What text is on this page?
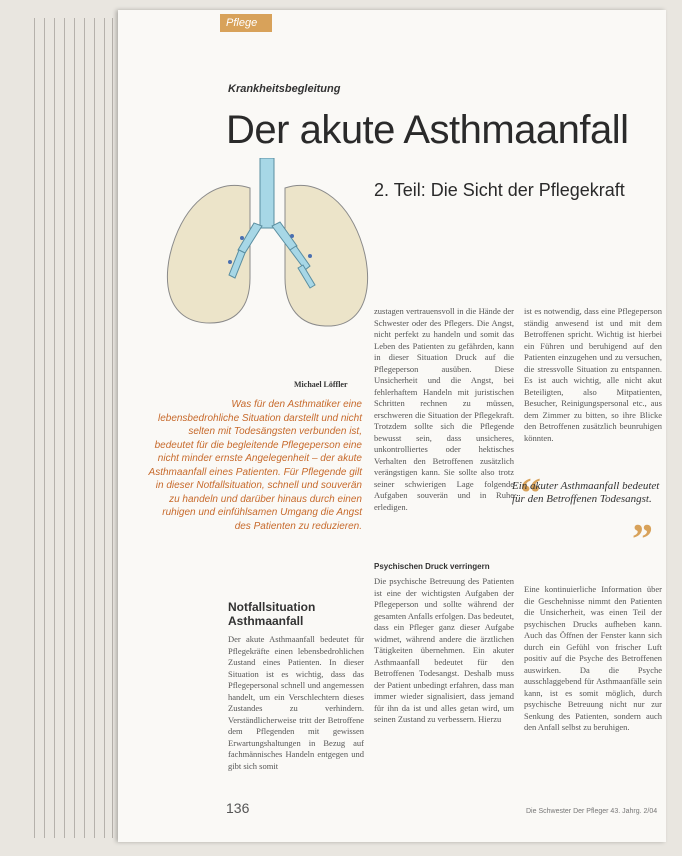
Pflege
Krankheitsbegleitung
Der akute Asthmaanfall
2. Teil: Die Sicht der Pflegekraft
Michael Löffler
Was für den Asthmatiker eine lebensbedrohliche Situation darstellt und nicht selten mit Todesängsten verbunden ist, bedeutet für die begleitende Pflegeperson eine nicht minder ernste Angelegenheit – der akute Asthmaanfall eines Patienten. Für Pflegende gilt in dieser Notfallsituation, schnell und souverän zu handeln und darüber hinaus durch einen ruhigen und einfühlsamen Umgang die Angst des Patienten zu reduzieren.
Notfallsituation
Asthmaanfall
Der akute Asthmaanfall bedeutet für Pflegekräfte einen lebensbedrohlichen Zustand eines Patienten. In dieser Situation ist es wichtig, dass das Pflegepersonal schnell und angemessen handelt, um ein Verschlechtern dieses Zustandes zu verhindern. Verständlicherweise tritt der Betroffene dem Pflegenden mit gewissen Erwartungshaltungen in Bezug auf fachmännisches Handeln entgegen und gibt sich somit
zustagen vertrauensvoll in die Hände der Schwester oder des Pflegers. Die Angst, nicht perfekt zu handeln und somit das Leben des Patienten zu gefährden, kann in dieser Situation Druck auf die Pflegeperson ausüben. Diese Unsicherheit und die Angst, bei fehlerhaftem Handeln mit juristischen Schritten rechnen zu müssen, erschweren die Situation der Pflegekraft. Trotzdem sollte sich die Pflegende bewusst sein, dass unsicheres, unkontrolliertes oder hektisches Verhalten den Betroffenen zusätzlich verängstigen kann. Sie sollte also trotz seiner schwierigen Lage folgende Aufgaben souverän und in Ruhe erledigen.
Psychischen Druck verringern
Die psychische Betreuung des Patienten ist eine der wichtigsten Aufgaben der Pflegeperson und sollte während der gesamten Anfalls erfolgen. Das bedeutet, dass ein Pfleger ganz dieser Aufgabe widmet, während andere die ärztlichen Tätigkeiten übernehmen. Ein akuter Asthmaanfall bedeutet für den Betroffenen Todesangst. Deshalb muss der Patient unbedingt erfahren, dass man immer wieder signalisiert, dass jemand für ihn da ist und alles getan wird, um seinen Zustand zu verbessern. Hierzu
ist es notwendig, dass eine Pflegeperson ständig anwesend ist und mit dem Betroffenen spricht. Wichtig ist hierbei ein Führen und beruhigend auf den Patienten einzugehen und zu versuchen, die stressvolle Situation zu entspannen. Es ist auch wichtig, alle nicht akut Beteiligten, also Mitpatienten, Besucher, Reinigungspersonal etc., aus dem Zimmer zu bitten, so ihre Blicke den Betroffenen zusätzlich beunruhigen könnten.
“
Ein akuter Asthmaanfall bedeutet für den Betroffenen Todesangst.
”
Eine kontinuierliche Information über die Geschehnisse nimmt den Patienten die Unsicherheit, was einen Teil der psychischen Drucks aufheben kann. Auch das Öffnen der Fenster kann sich durch ein Gefühl von frischer Luft positiv auf die Psyche des Betroffenen auswirken. Da die Psyche ausschlaggebend für Asthmaanfälle sein kann, ist es somit möglich, durch psychische Betreuung nicht nur zur Senkung des Patienten, sondern auch den Anfall selbst zu beruhigen.
136	Die Schwester Der Pfleger 43. Jahrg. 2/04
